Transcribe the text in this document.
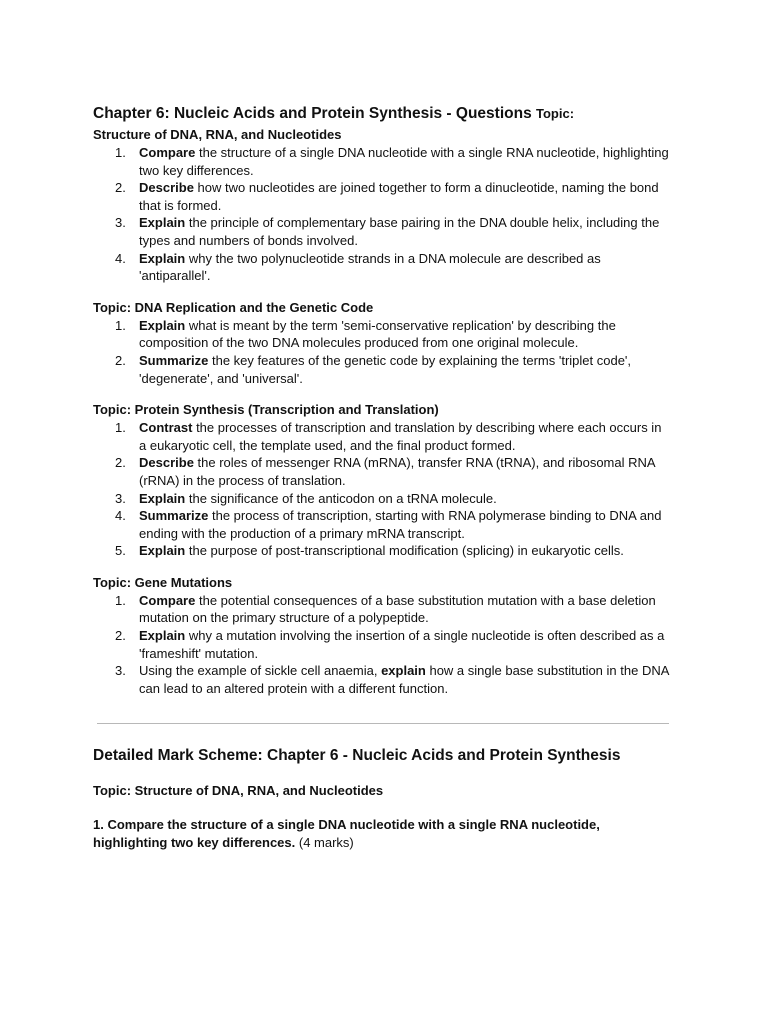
Chapter 6: Nucleic Acids and Protein Synthesis - Questions Topic:

Structure of DNA, RNA, and Nucleotides

1. Compare the structure of a single DNA nucleotide with a single RNA nucleotide, highlighting two key differences.
2. Describe how two nucleotides are joined together to form a dinucleotide, naming the bond that is formed.
3. Explain the principle of complementary base pairing in the DNA double helix, including the types and numbers of bonds involved.
4. Explain why the two polynucleotide strands in a DNA molecule are described as 'antiparallel'.

Topic: DNA Replication and the Genetic Code

1. Explain what is meant by the term 'semi-conservative replication' by describing the composition of the two DNA molecules produced from one original molecule.
2. Summarize the key features of the genetic code by explaining the terms 'triplet code', 'degenerate', and 'universal'.

Topic: Protein Synthesis (Transcription and Translation)

1. Contrast the processes of transcription and translation by describing where each occurs in a eukaryotic cell, the template used, and the final product formed.
2. Describe the roles of messenger RNA (mRNA), transfer RNA (tRNA), and ribosomal RNA (rRNA) in the process of translation.
3. Explain the significance of the anticodon on a tRNA molecule.
4. Summarize the process of transcription, starting with RNA polymerase binding to DNA and ending with the production of a primary mRNA transcript.
5. Explain the purpose of post-transcriptional modification (splicing) in eukaryotic cells.

Topic: Gene Mutations

1. Compare the potential consequences of a base substitution mutation with a base deletion mutation on the primary structure of a polypeptide.
2. Explain why a mutation involving the insertion of a single nucleotide is often described as a 'frameshift' mutation.
3. Using the example of sickle cell anaemia, explain how a single base substitution in the DNA can lead to an altered protein with a different function.

Detailed Mark Scheme: Chapter 6 - Nucleic Acids and Protein Synthesis

Topic: Structure of DNA, RNA, and Nucleotides

1. Compare the structure of a single DNA nucleotide with a single RNA nucleotide, highlighting two key differences. (4 marks)
